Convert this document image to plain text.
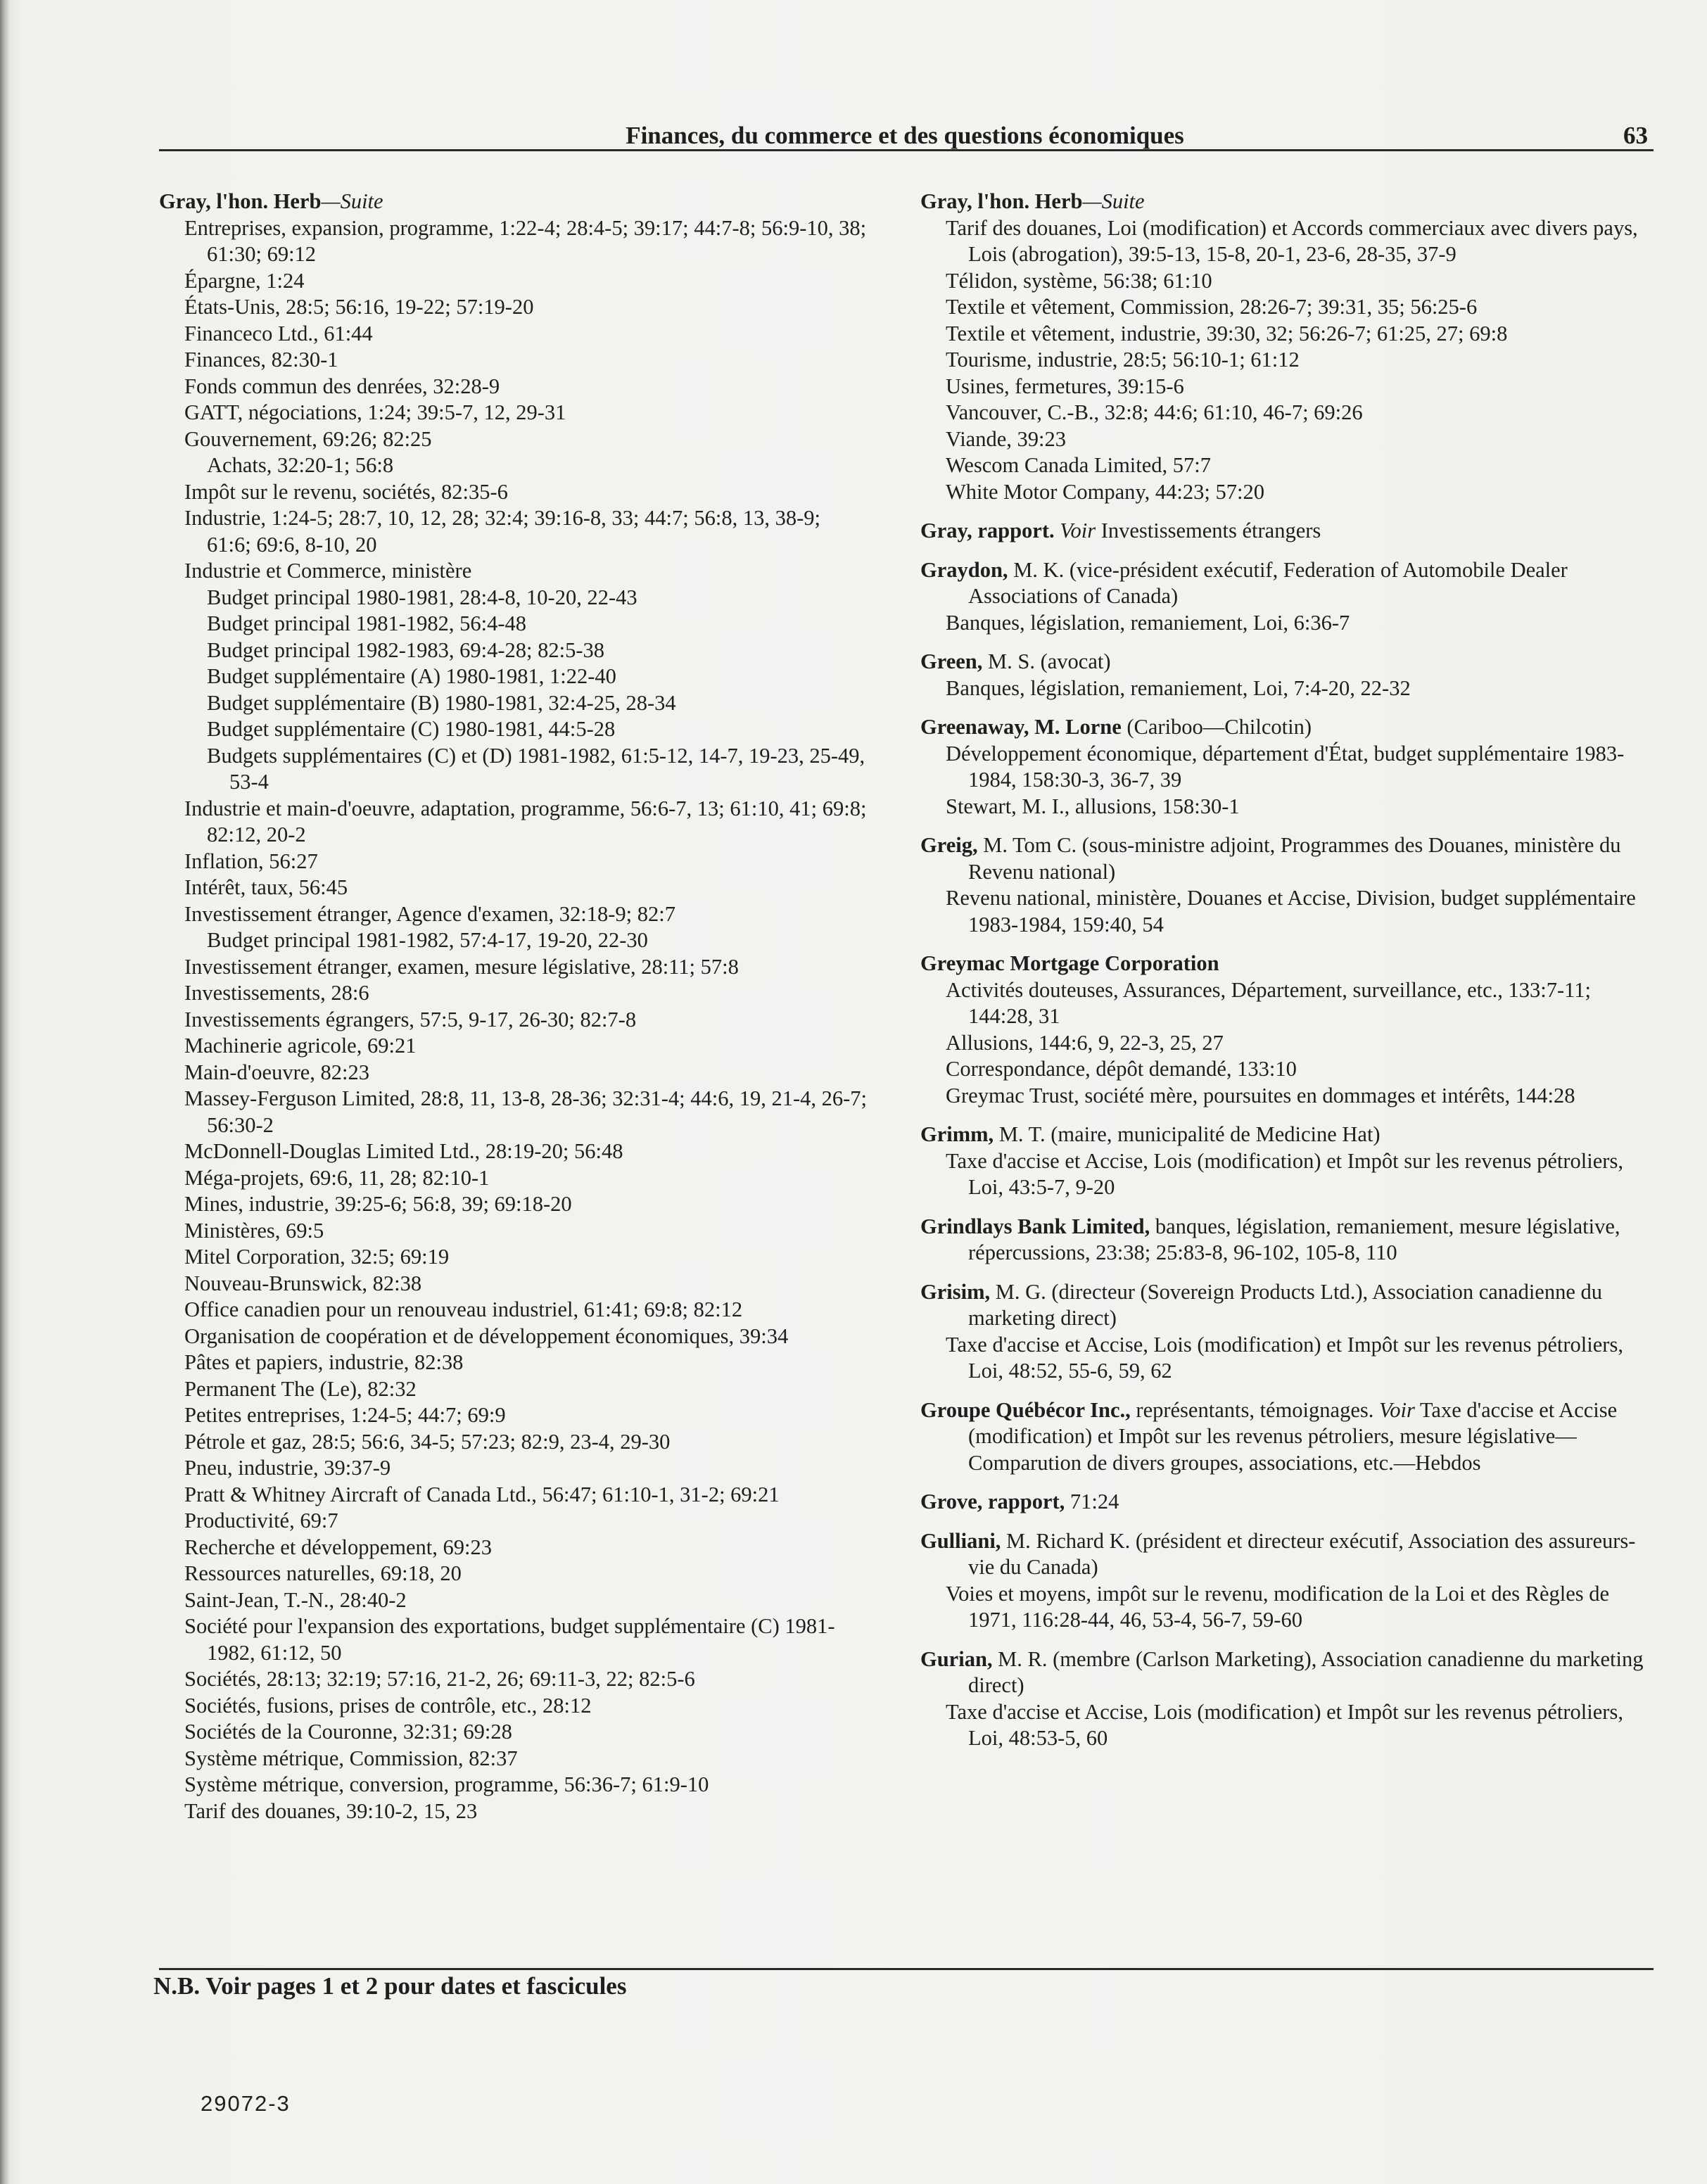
Finances, du commerce et des questions économiques	63
Gray, l'hon. Herb—Suite
Entreprises, expansion, programme, 1:22-4; 28:4-5; 39:17; 44:7-8; 56:9-10, 38; 61:30; 69:12
Épargne, 1:24
États-Unis, 28:5; 56:16, 19-22; 57:19-20
Financeco Ltd., 61:44
Finances, 82:30-1
Fonds commun des denrées, 32:28-9
GATT, négociations, 1:24; 39:5-7, 12, 29-31
Gouvernement, 69:26; 82:25
Achats, 32:20-1; 56:8
Impôt sur le revenu, sociétés, 82:35-6
Industrie, 1:24-5; 28:7, 10, 12, 28; 32:4; 39:16-8, 33; 44:7; 56:8, 13, 38-9; 61:6; 69:6, 8-10, 20
Industrie et Commerce, ministère
Budget principal 1980-1981, 28:4-8, 10-20, 22-43
Budget principal 1981-1982, 56:4-48
Budget principal 1982-1983, 69:4-28; 82:5-38
Budget supplémentaire (A) 1980-1981, 1:22-40
Budget supplémentaire (B) 1980-1981, 32:4-25, 28-34
Budget supplémentaire (C) 1980-1981, 44:5-28
Budgets supplémentaires (C) et (D) 1981-1982, 61:5-12, 14-7, 19-23, 25-49, 53-4
Industrie et main-d'oeuvre, adaptation, programme, 56:6-7, 13; 61:10, 41; 69:8; 82:12, 20-2
Inflation, 56:27
Intérêt, taux, 56:45
Investissement étranger, Agence d'examen, 32:18-9; 82:7
Budget principal 1981-1982, 57:4-17, 19-20, 22-30
Investissement étranger, examen, mesure législative, 28:11; 57:8
Investissements, 28:6
Investissements égrangers, 57:5, 9-17, 26-30; 82:7-8
Machinerie agricole, 69:21
Main-d'oeuvre, 82:23
Massey-Ferguson Limited, 28:8, 11, 13-8, 28-36; 32:31-4; 44:6, 19, 21-4, 26-7; 56:30-2
McDonnell-Douglas Limited Ltd., 28:19-20; 56:48
Méga-projets, 69:6, 11, 28; 82:10-1
Mines, industrie, 39:25-6; 56:8, 39; 69:18-20
Ministères, 69:5
Mitel Corporation, 32:5; 69:19
Nouveau-Brunswick, 82:38
Office canadien pour un renouveau industriel, 61:41; 69:8; 82:12
Organisation de coopération et de développement économiques, 39:34
Pâtes et papiers, industrie, 82:38
Permanent The (Le), 82:32
Petites entreprises, 1:24-5; 44:7; 69:9
Pétrole et gaz, 28:5; 56:6, 34-5; 57:23; 82:9, 23-4, 29-30
Pneu, industrie, 39:37-9
Pratt & Whitney Aircraft of Canada Ltd., 56:47; 61:10-1, 31-2; 69:21
Productivité, 69:7
Recherche et développement, 69:23
Ressources naturelles, 69:18, 20
Saint-Jean, T.-N., 28:40-2
Société pour l'expansion des exportations, budget supplémentaire (C) 1981-1982, 61:12, 50
Sociétés, 28:13; 32:19; 57:16, 21-2, 26; 69:11-3, 22; 82:5-6
Sociétés, fusions, prises de contrôle, etc., 28:12
Sociétés de la Couronne, 32:31; 69:28
Système métrique, Commission, 82:37
Système métrique, conversion, programme, 56:36-7; 61:9-10
Tarif des douanes, 39:10-2, 15, 23
Gray, l'hon. Herb—Suite
Tarif des douanes, Loi (modification) et Accords commerciaux avec divers pays, Lois (abrogation), 39:5-13, 15-8, 20-1, 23-6, 28-35, 37-9
Télidon, système, 56:38; 61:10
Textile et vêtement, Commission, 28:26-7; 39:31, 35; 56:25-6
Textile et vêtement, industrie, 39:30, 32; 56:26-7; 61:25, 27; 69:8
Tourisme, industrie, 28:5; 56:10-1; 61:12
Usines, fermetures, 39:15-6
Vancouver, C.-B., 32:8; 44:6; 61:10, 46-7; 69:26
Viande, 39:23
Wescom Canada Limited, 57:7
White Motor Company, 44:23; 57:20
Gray, rapport. Voir Investissements étrangers
Graydon, M. K. (vice-président exécutif, Federation of Automobile Dealer Associations of Canada)
Banques, législation, remaniement, Loi, 6:36-7
Green, M. S. (avocat)
Banques, législation, remaniement, Loi, 7:4-20, 22-32
Greenaway, M. Lorne (Cariboo—Chilcotin)
Développement économique, département d'État, budget supplémentaire 1983-1984, 158:30-3, 36-7, 39
Stewart, M. I., allusions, 158:30-1
Greig, M. Tom C. (sous-ministre adjoint, Programmes des Douanes, ministère du Revenu national)
Revenu national, ministère, Douanes et Accise, Division, budget supplémentaire 1983-1984, 159:40, 54
Greymac Mortgage Corporation
Activités douteuses, Assurances, Département, surveillance, etc., 133:7-11; 144:28, 31
Allusions, 144:6, 9, 22-3, 25, 27
Correspondance, dépôt demandé, 133:10
Greymac Trust, société mère, poursuites en dommages et intérêts, 144:28
Grimm, M. T. (maire, municipalité de Medicine Hat)
Taxe d'accise et Accise, Lois (modification) et Impôt sur les revenus pétroliers, Loi, 43:5-7, 9-20
Grindlays Bank Limited, banques, législation, remaniement, mesure législative, répercussions, 23:38; 25:83-8, 96-102, 105-8, 110
Grisim, M. G. (directeur (Sovereign Products Ltd.), Association canadienne du marketing direct)
Taxe d'accise et Accise, Lois (modification) et Impôt sur les revenus pétroliers, Loi, 48:52, 55-6, 59, 62
Groupe Québécor Inc., représentants, témoignages. Voir Taxe d'accise et Accise (modification) et Impôt sur les revenus pétroliers, mesure législative—Comparution de divers groupes, associations, etc.—Hebdos
Grove, rapport, 71:24
Gulliani, M. Richard K. (président et directeur exécutif, Association des assureurs-vie du Canada)
Voies et moyens, impôt sur le revenu, modification de la Loi et des Règles de 1971, 116:28-44, 46, 53-4, 56-7, 59-60
Gurian, M. R. (membre (Carlson Marketing), Association canadienne du marketing direct)
Taxe d'accise et Accise, Lois (modification) et Impôt sur les revenus pétroliers, Loi, 48:53-5, 60
N.B. Voir pages 1 et 2 pour dates et fascicules
29072-3
